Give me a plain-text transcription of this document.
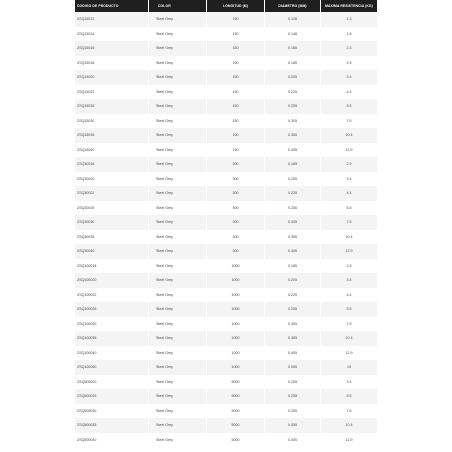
CODIGO DE PRODUCTO	COLOR	LONGITUD (M)	DIAMETRO (MM)	MAXIMA RESISTENCIA (KG)
ZSQ15012	Steel Grey	150	0.128	1.3
ZSQ15014	Steel Grey	150	0.148	1.8
ZSQ15016	Steel Grey	150	0.165	2.3
ZSQ15018	Steel Grey	150	0.185	2.9
ZSQ15020	Steel Grey	150	0.205	3.4
ZSQ15022	Steel Grey	150	0.225	4.4
ZSQ15025	Steel Grey	150	0.255	5.5
ZSQ15030	Steel Grey	150	0.305	7.5
ZSQ15035	Steel Grey	150	0.355	10.4
ZSQ15040	Steel Grey	150	0.405	12.9
ZSQ30018	Steel Grey	300	0.185	2.9
ZSQ30020	Steel Grey	300	0.205	3.4
ZSQ30022	Steel Grey	300	0.225	4.4
ZSQ30025	Steel Grey	300	0.255	5.5
ZSQ30030	Steel Grey	300	0.305	7.5
ZSQ30035	Steel Grey	300	0.355	10.4
ZSQ30040	Steel Grey	300	0.405	12.9
ZSQ100018	Steel Grey	1000	0.185	2.9
ZSQ100020	Steel Grey	1000	0.205	3.4
ZSQ100022	Steel Grey	1000	0.225	4.4
ZSQ100025	Steel Grey	1000	0.255	5.5
ZSQ100030	Steel Grey	1000	0.305	7.5
ZSQ100035	Steel Grey	1000	0.355	10.4
ZSQ100040	Steel Grey	1000	0.405	12.9
ZSQ100050	Steel Grey	1000	0.505	19
ZSQ500020	Steel Grey	5000	0.205	3.4
ZSQ500025	Steel Grey	5000	0.255	5.5
ZSQ500030	Steel Grey	5000	0.305	7.5
ZSQ500035	Steel Grey	5000	0.355	10.4
ZSQ500040	Steel Grey	5000	0.405	12.9
